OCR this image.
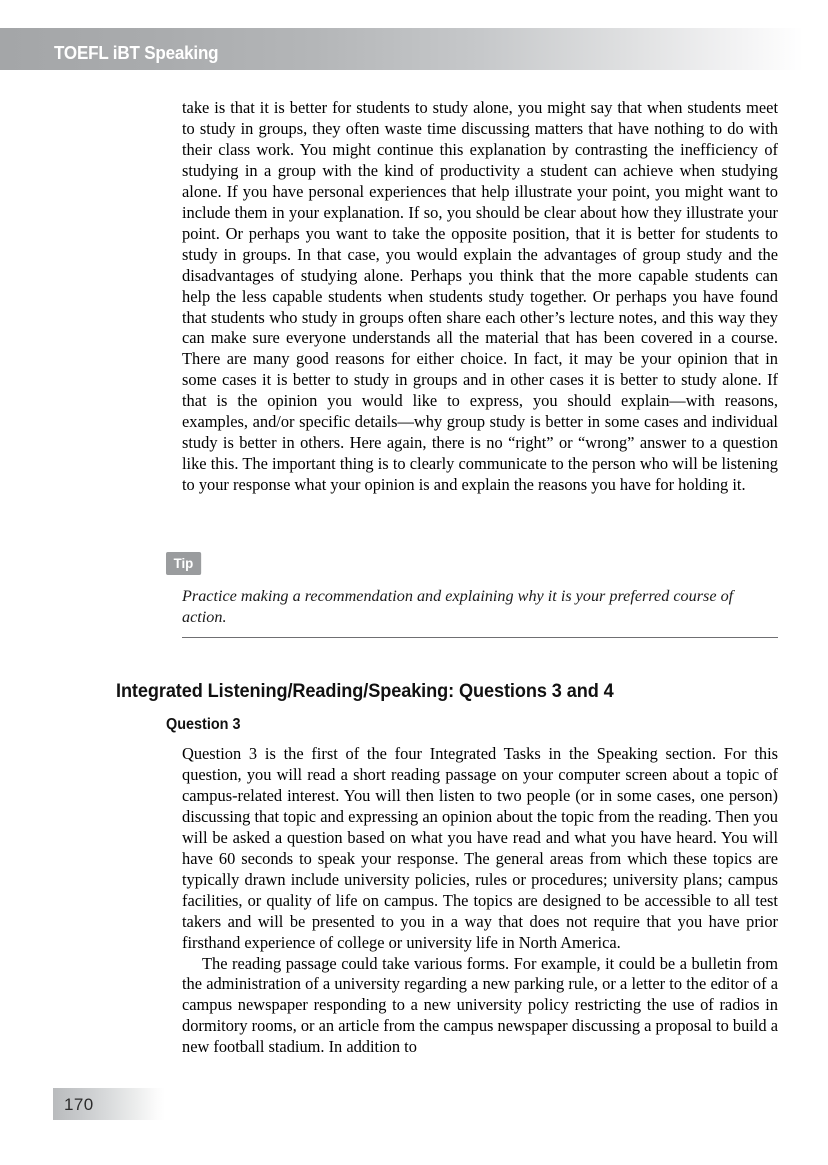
TOEFL iBT Speaking

take is that it is better for students to study alone, you might say that when students meet to study in groups, they often waste time discussing matters that have nothing to do with their class work. You might continue this explanation by contrasting the inefficiency of studying in a group with the kind of productivity a student can achieve when studying alone. If you have personal experiences that help illustrate your point, you might want to include them in your explanation. If so, you should be clear about how they illustrate your point. Or perhaps you want to take the opposite position, that it is better for students to study in groups. In that case, you would explain the advantages of group study and the disadvantages of studying alone. Perhaps you think that the more capable students can help the less capable students when students study together. Or perhaps you have found that students who study in groups often share each other’s lecture notes, and this way they can make sure everyone understands all the material that has been covered in a course. There are many good reasons for either choice. In fact, it may be your opinion that in some cases it is better to study in groups and in other cases it is better to study alone. If that is the opinion you would like to express, you should explain—with reasons, examples, and/or specific details—why group study is better in some cases and individual study is better in others. Here again, there is no “right” or “wrong” answer to a question like this. The important thing is to clearly communicate to the person who will be listening to your response what your opinion is and explain the reasons you have for holding it.

Tip

Practice making a recommendation and explaining why it is your preferred course of action.

Integrated Listening/Reading/Speaking: Questions 3 and 4
Question 3

Question 3 is the first of the four Integrated Tasks in the Speaking section. For this question, you will read a short reading passage on your computer screen about a topic of campus-related interest. You will then listen to two people (or in some cases, one person) discussing that topic and expressing an opinion about the topic from the reading. Then you will be asked a question based on what you have read and what you have heard. You will have 60 seconds to speak your response. The general areas from which these topics are typically drawn include university policies, rules or procedures; university plans; campus facilities, or quality of life on campus. The topics are designed to be accessible to all test takers and will be presented to you in a way that does not require that you have prior firsthand experience of college or university life in North America.

The reading passage could take various forms. For example, it could be a bulletin from the administration of a university regarding a new parking rule, or a letter to the editor of a campus newspaper responding to a new university policy restricting the use of radios in dormitory rooms, or an article from the campus newspaper discussing a proposal to build a new football stadium. In addition to

170
